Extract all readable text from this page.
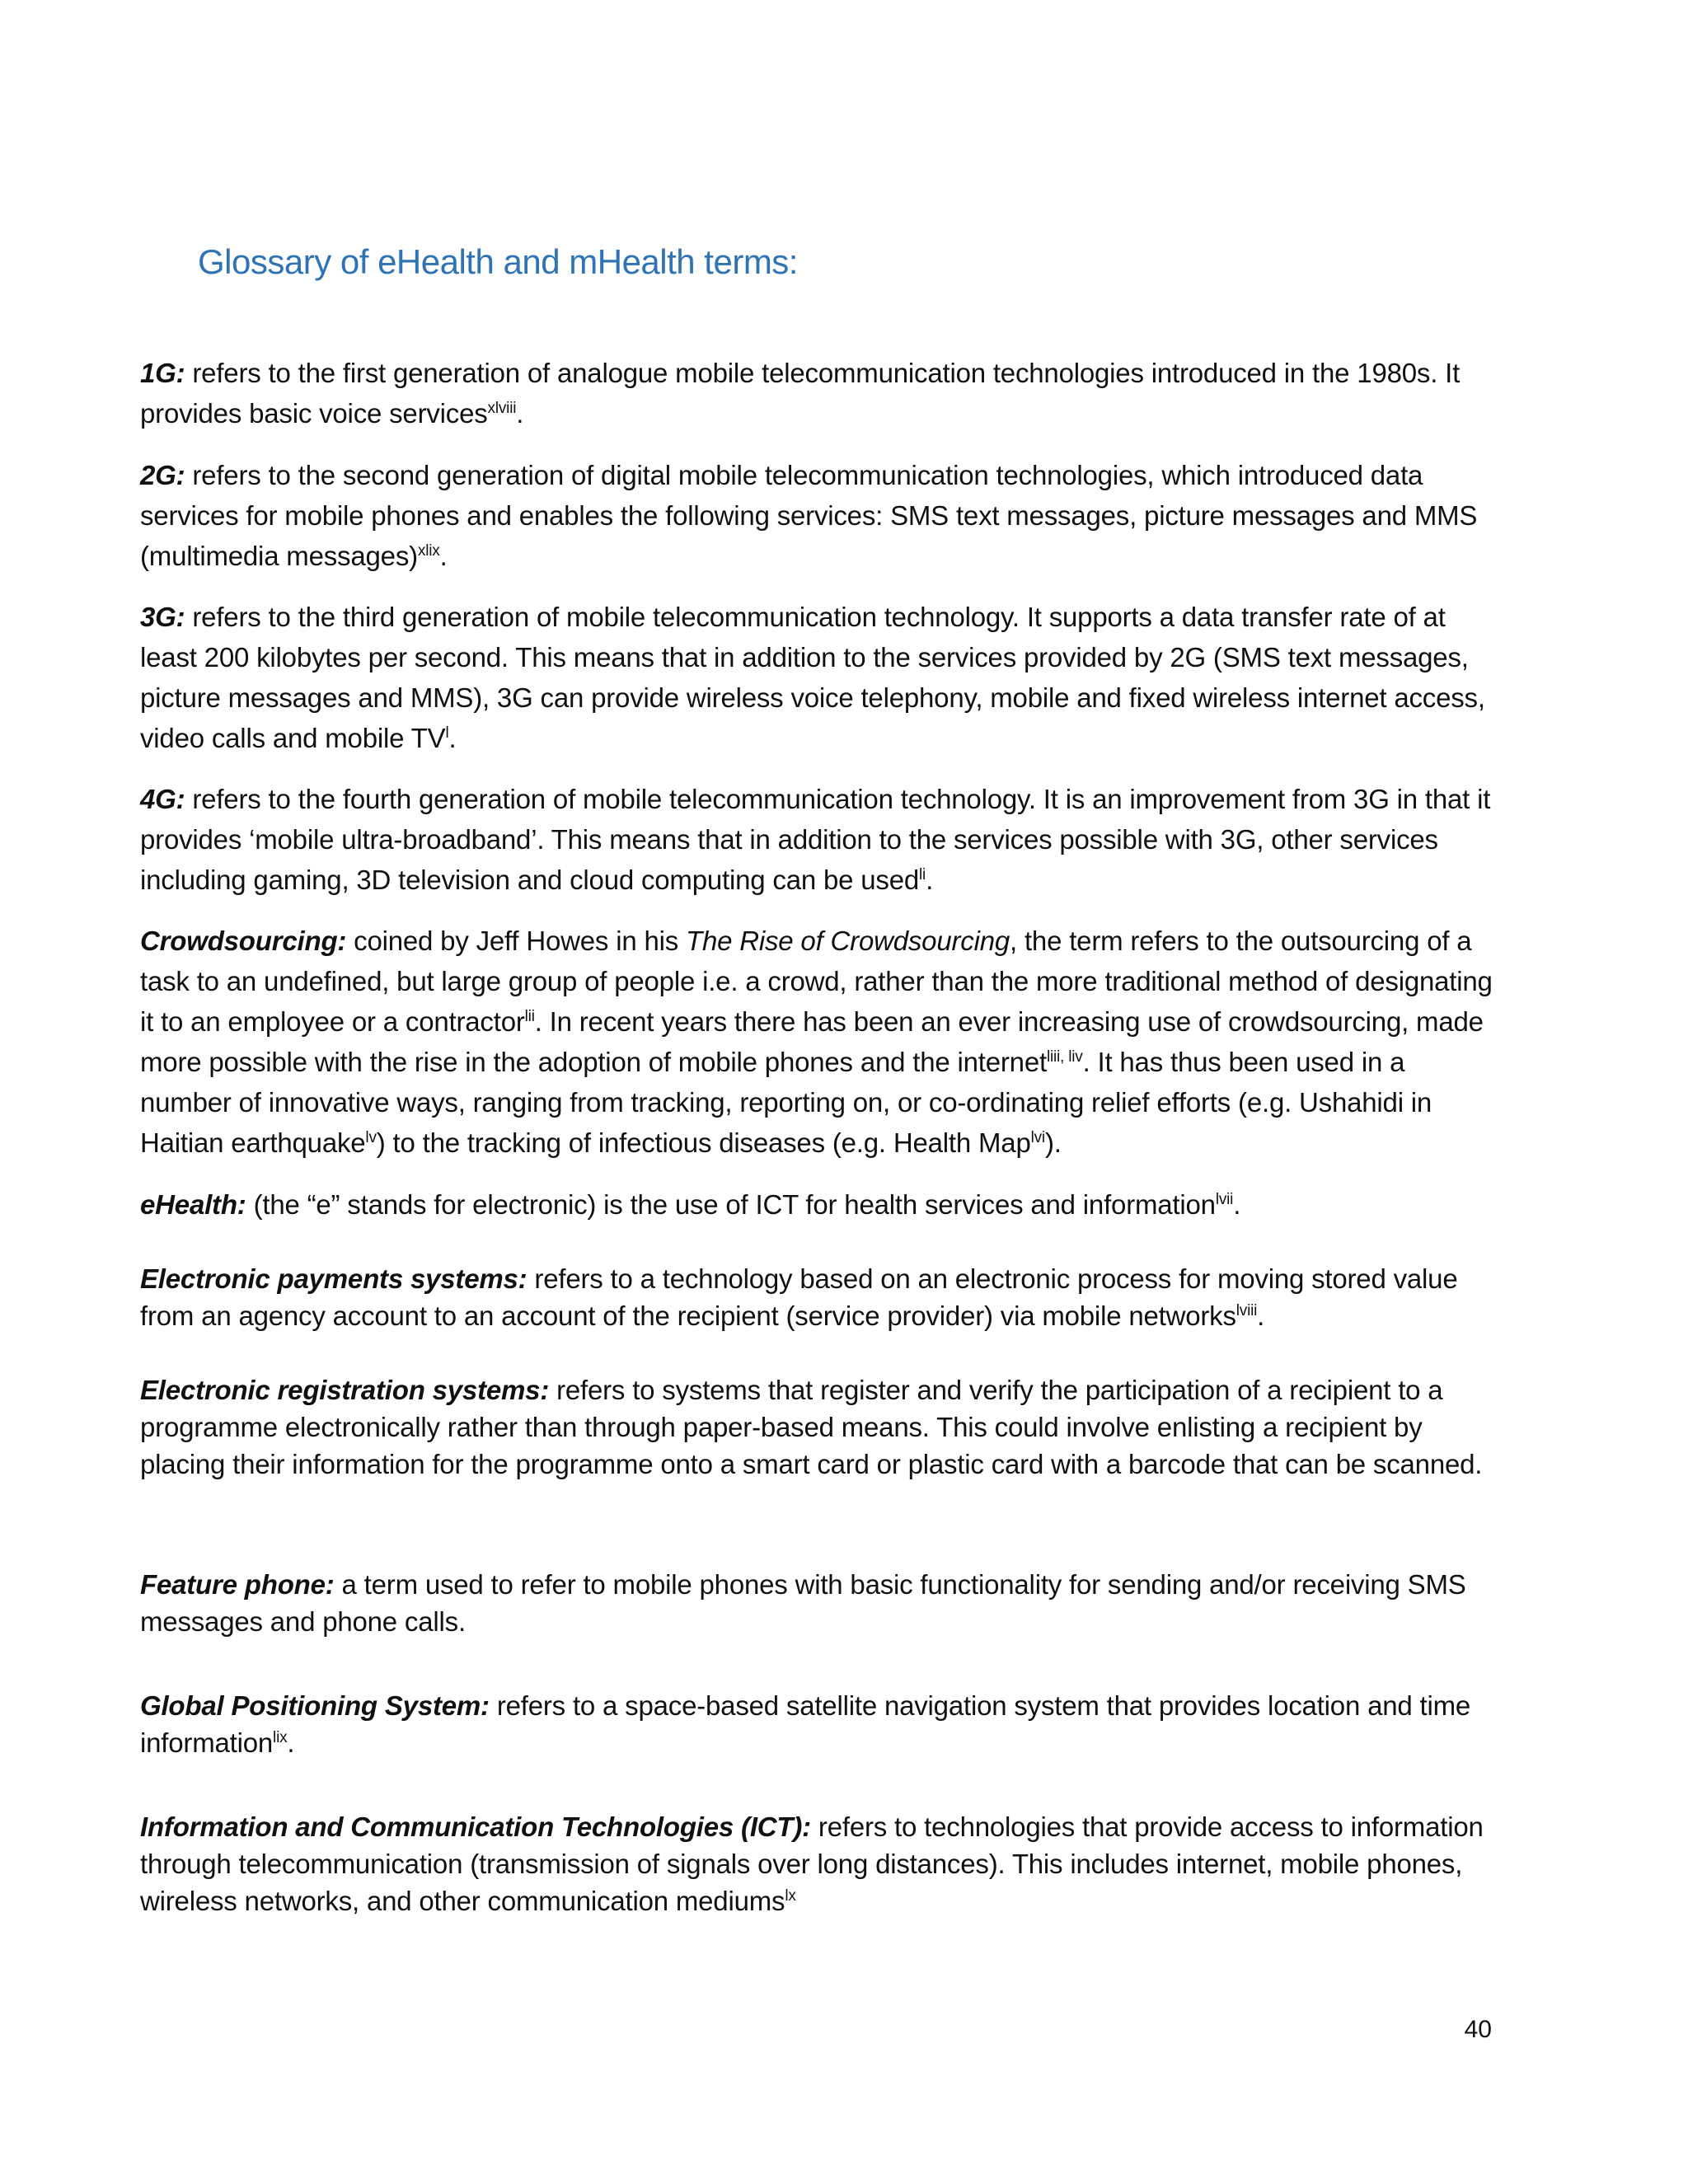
Glossary of eHealth and mHealth terms:

1G: refers to the first generation of analogue mobile telecommunication technologies introduced in the 1980s. It provides basic voice services$^{xlviii}$.

2G: refers to the second generation of digital mobile telecommunication technologies, which introduced data services for mobile phones and enables the following services: SMS text messages, picture messages and MMS (multimedia messages)$^{xlix}$.

3G: refers to the third generation of mobile telecommunication technology. It supports a data transfer rate of at least 200 kilobytes per second. This means that in addition to the services provided by 2G (SMS text messages, picture messages and MMS), 3G can provide wireless voice telephony, mobile and fixed wireless internet access, video calls and mobile $TV^l$.

4G: refers to the fourth generation of mobile telecommunication technology. It is an improvement from 3G in that it provides ‘mobile ultra-broadband’. This means that in addition to the services possible with 3G, other services including gaming, 3D television and cloud computing can be used$^{li}$.

Crowdsourcing: coined by Jeff Howes in his The Rise of Crowdsourcing, the term refers to the outsourcing of a task to an undefined, but large group of people i.e. a crowd, rather than the more traditional method of designating it to an employee or a contractor$^{lii}$. In recent years there has been an ever increasing use of crowdsourcing, made more possible with the rise in the adoption of mobile phones and the internet$^{liii, liv}$. It has thus been used in a number of innovative ways, ranging from tracking, reporting on, or co-ordinating relief efforts (e.g. Ushahidi in Haitian earthquake$^{lv}$) to the tracking of infectious diseases (e.g. Health Map$^{lvi}$).

eHealth: (the “e” stands for electronic) is the use of ICT for health services and information$^{lvii}$.

Electronic payments systems: refers to a technology based on an electronic process for moving stored value from an agency account to an account of the recipient (service provider) via mobile networks$^{lviii}$.

Electronic registration systems: refers to systems that register and verify the participation of a recipient to a programme electronically rather than through paper-based means. This could involve enlisting a recipient by placing their information for the programme onto a smart card or plastic card with a barcode that can be scanned.

Feature phone: a term used to refer to mobile phones with basic functionality for sending and/or receiving SMS messages and phone calls.

Global Positioning System: refers to a space-based satellite navigation system that provides location and time information$^{lix}$.

Information and Communication Technologies (ICT): refers to technologies that provide access to information through telecommunication (transmission of signals over long distances). This includes internet, mobile phones, wireless networks, and other communication mediums$^{lx}$

40
